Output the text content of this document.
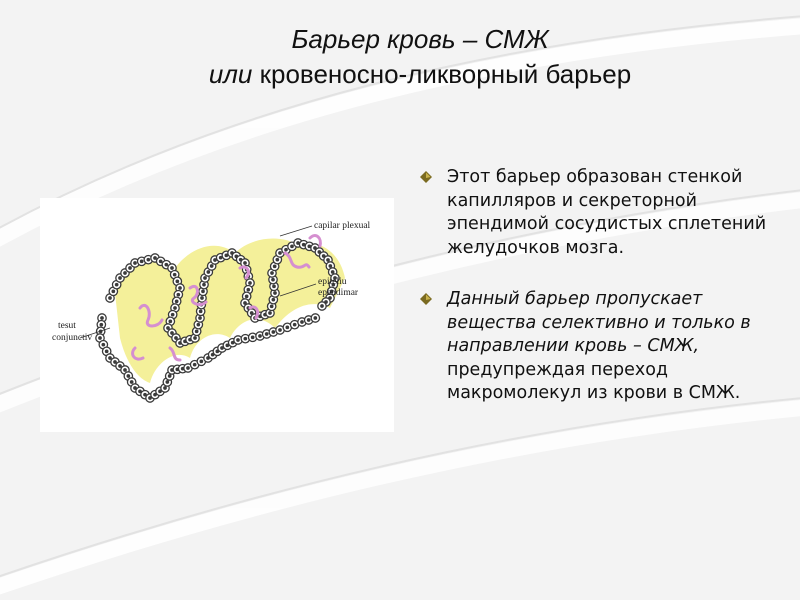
Барьер кровь – СМЖ
или кровеносно-ликворный барьер
capilar plexual
epiteliu
ependimar
tesut
conjunctiv
Этот барьер образован стенкой капилляров и секреторной эпендимой сосудистых сплетений желудочков мозга.
Данный барьер пропускает вещества селективно и только в направлении кровь – СМЖ, предупреждая переход макромолекул из крови в СМЖ.
